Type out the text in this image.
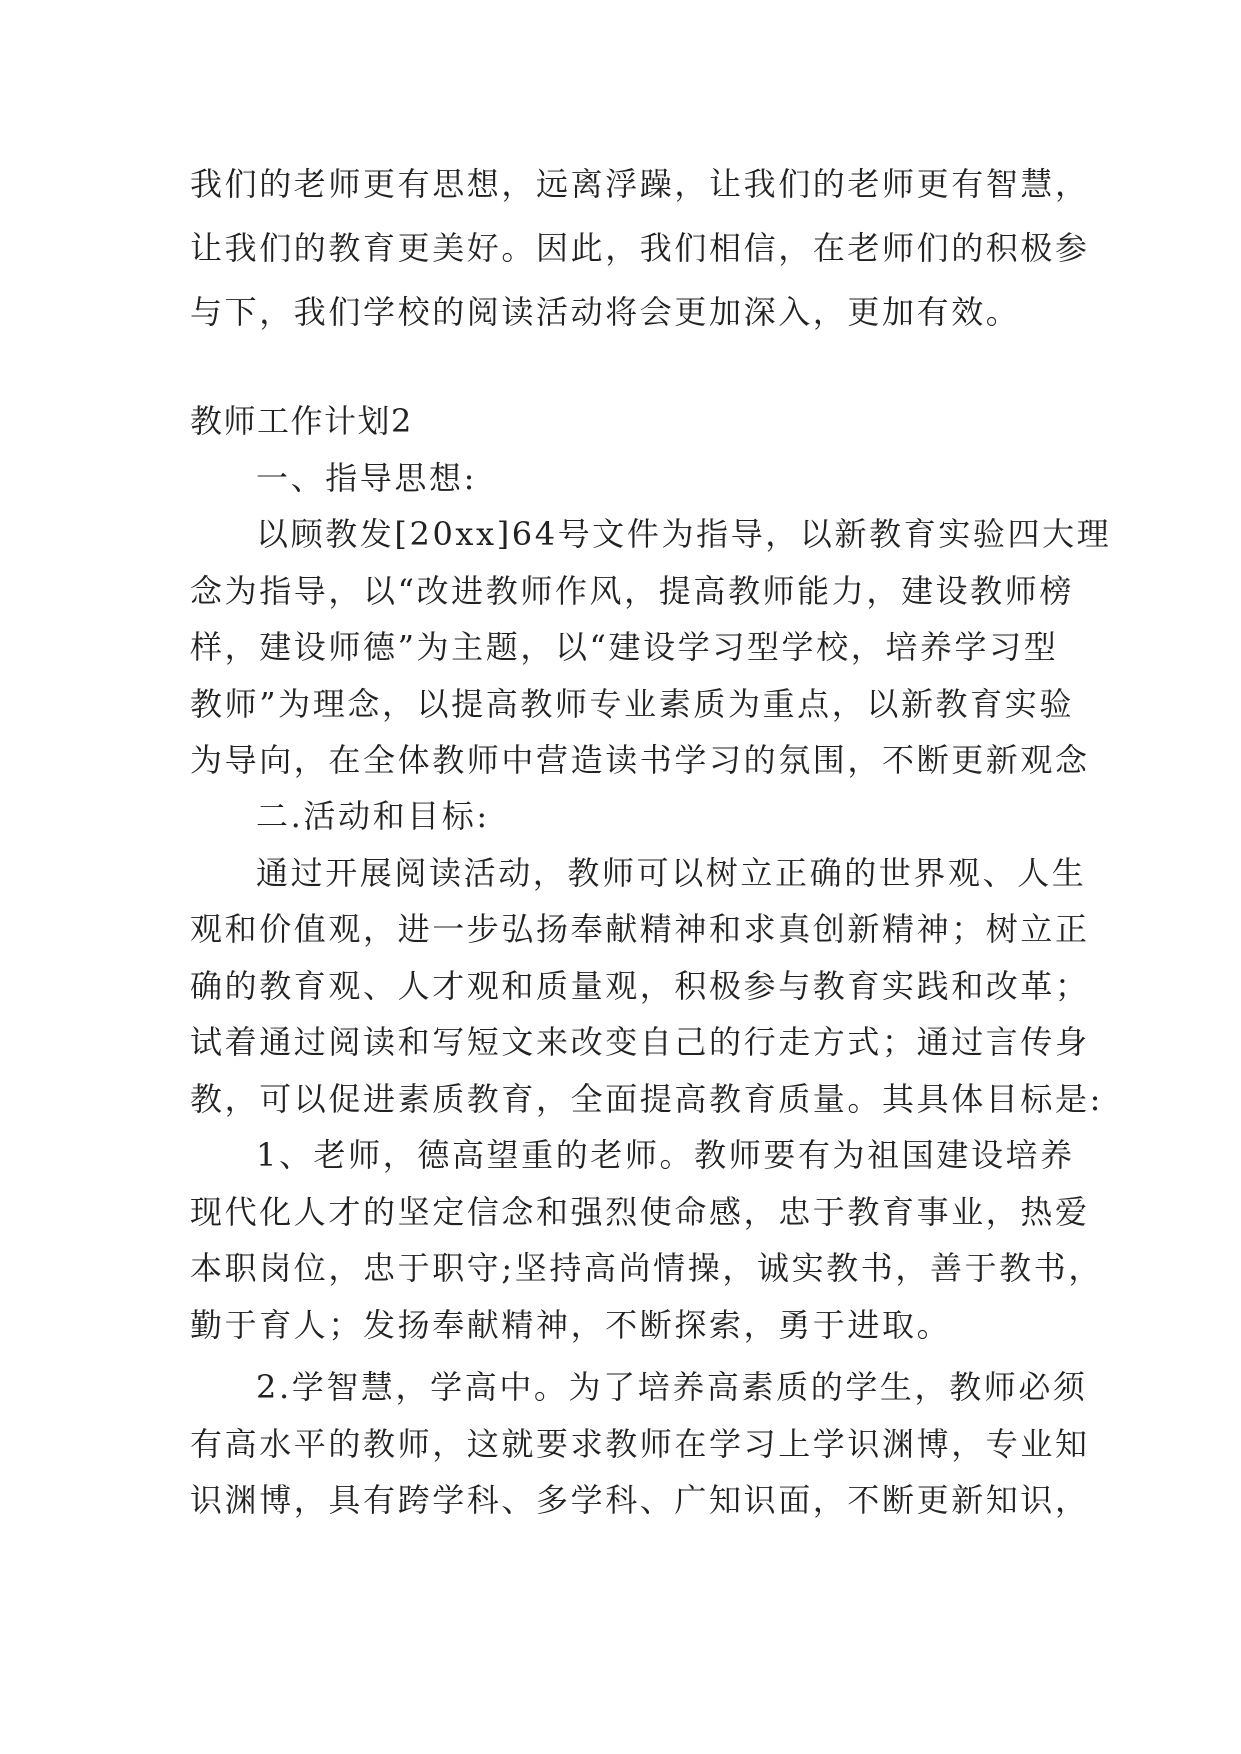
我们的老师更有思想，远离浮躁，让我们的老师更有智慧，

让我们的教育更美好。因此，我们相信，在老师们的积极参

与下，我们学校的阅读活动将会更加深入，更加有效。

教师工作计划2

一、指导思想:

以顾教发[20xx]64号文件为指导，以新教育实验四大理

念为指导，以“改进教师作风，提高教师能力，建设教师榜

样，建设师德”为主题，以“建设学习型学校，培养学习型

教师”为理念，以提高教师专业素质为重点，以新教育实验

为导向，在全体教师中营造读书学习的氛围，不断更新观念

二.活动和目标:

通过开展阅读活动，教师可以树立正确的世界观、人生

观和价值观，进一步弘扬奉献精神和求真创新精神；树立正

确的教育观、人才观和质量观，积极参与教育实践和改革；

试着通过阅读和写短文来改变自己的行走方式；通过言传身

教，可以促进素质教育，全面提高教育质量。其具体目标是:

1、老师，德高望重的老师。教师要有为祖国建设培养

现代化人才的坚定信念和强烈使命感，忠于教育事业，热爱

本职岗位，忠于职守;坚持高尚情操，诚实教书，善于教书，

勤于育人；发扬奉献精神，不断探索，勇于进取。

2.学智慧，学高中。为了培养高素质的学生，教师必须

有高水平的教师，这就要求教师在学习上学识渊博，专业知

识渊博，具有跨学科、多学科、广知识面，不断更新知识，
